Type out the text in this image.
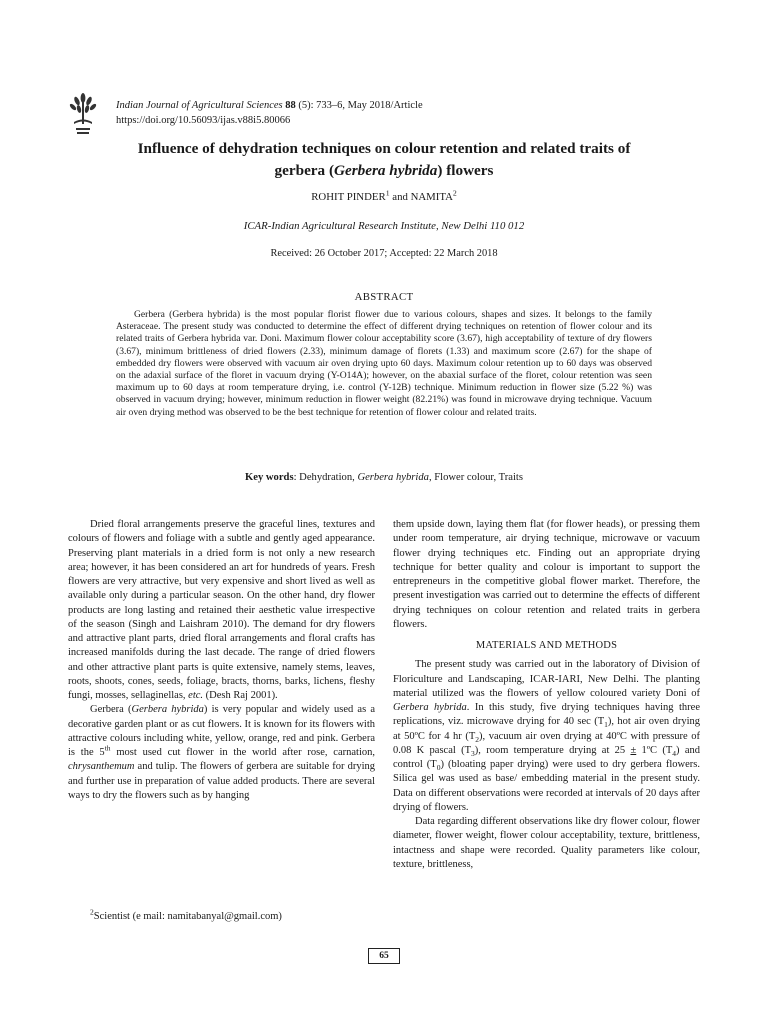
Indian Journal of Agricultural Sciences 88 (5): 733–6, May 2018/Article
https://doi.org/10.56093/ijas.v88i5.80066
Influence of dehydration techniques on colour retention and related traits of
gerbera (Gerbera hybrida) flowers
ROHIT PINDER$^1$ and NAMITA$^2$
ICAR-Indian Agricultural Research Institute, New Delhi 110 012
Received: 26 October 2017; Accepted: 22 March 2018
ABSTRACT
Gerbera (Gerbera hybrida) is the most popular florist flower due to various colours, shapes and sizes. It belongs to the family Asteraceae. The present study was conducted to determine the effect of different drying techniques on retention of flower colour and its related traits of Gerbera hybrida var. Doni. Maximum flower colour acceptability score (3.67), high acceptability of texture of dry flowers (3.67), minimum brittleness of dried flowers (2.33), minimum damage of florets (1.33) and maximum score (2.67) for the shape of embedded dry flowers were observed with vacuum air oven drying upto 60 days. Maximum colour retention up to 60 days was observed on the adaxial surface of the floret in vacuum drying (Y-O14A); however, on the abaxial surface of the floret, colour retention was seen maximum up to 60 days at room temperature drying, i.e. control (Y-12B) technique. Minimum reduction in flower size (5.22 %) was observed in vacuum drying; however, minimum reduction in flower weight (82.21%) was found in microwave drying technique. Vacuum air oven drying method was observed to be the best technique for retention of flower colour and related traits.
Key words: Dehydration, Gerbera hybrida, Flower colour, Traits

Dried floral arrangements preserve the graceful lines, textures and colours of flowers and foliage with a subtle and gently aged appearance. Preserving plant materials in a dried form is not only a new research area; however, it has been considered an art for hundreds of years. Fresh flowers are very attractive, but very expensive and short lived as well as available only during a particular season. On the other hand, dry flower products are long lasting and retained their aesthetic value irrespective of the season (Singh and Laishram 2010). The demand for dry flowers and attractive plant parts, dried floral arrangements and floral crafts has increased manifolds during the last decade. The range of dried flowers and other attractive plant parts is quite extensive, namely stems, leaves, roots, shoots, cones, seeds, foliage, bracts, thorns, barks, lichens, fleshy fungi, mosses, sellaginellas, etc. (Desh Raj 2001).

Gerbera (Gerbera hybrida) is very popular and widely used as a decorative garden plant or as cut flowers. It is known for its flowers with attractive colours including white, yellow, orange, red and pink. Gerbera is the 5th most used cut flower in the world after rose, carnation, chrysanthemum and tulip. The flowers of gerbera are suitable for drying and further use in preparation of value added products. There are several ways to dry the flowers such as by hanging

them upside down, laying them flat (for flower heads), or pressing them under room temperature, air drying technique, microwave or vacuum flower drying techniques etc. Finding out an appropriate drying technique for better quality and colour is important to support the entrepreneurs in the competitive global flower market. Therefore, the present investigation was carried out to determine the effects of different drying techniques on colour retention and related traits in gerbera flowers.

MATERIALS AND METHODS

The present study was carried out in the laboratory of Division of Floriculture and Landscaping, ICAR-IARI, New Delhi. The planting material utilized was the flowers of yellow coloured variety Doni of Gerbera hybrida. In this study, five drying techniques having three replications, viz. microwave drying for 40 $\sec (T_1)$, hot air oven drying at 50ºC for 4 hr $(T_2)$, vacuum air oven drying at 40ºC with pressure of 0.08 K pascal $(T_3)$, room temperature drying at 25 ± 1ºC $(T_4)$ and control $(T_0)$ (bloating paper drying) were used to dry gerbera flowers. Silica gel was used as base/ embedding material in the present study. Data on different observations were recorded at intervals of 20 days after drying of flowers.

Data regarding different observations like dry flower colour, flower diameter, flower weight, flower colour acceptability, texture, brittleness, intactness and shape were recorded. Quality parameters like colour, texture, brittleness,

$^2$Scientist (e mail: namitabanyal@gmail.com)
65
